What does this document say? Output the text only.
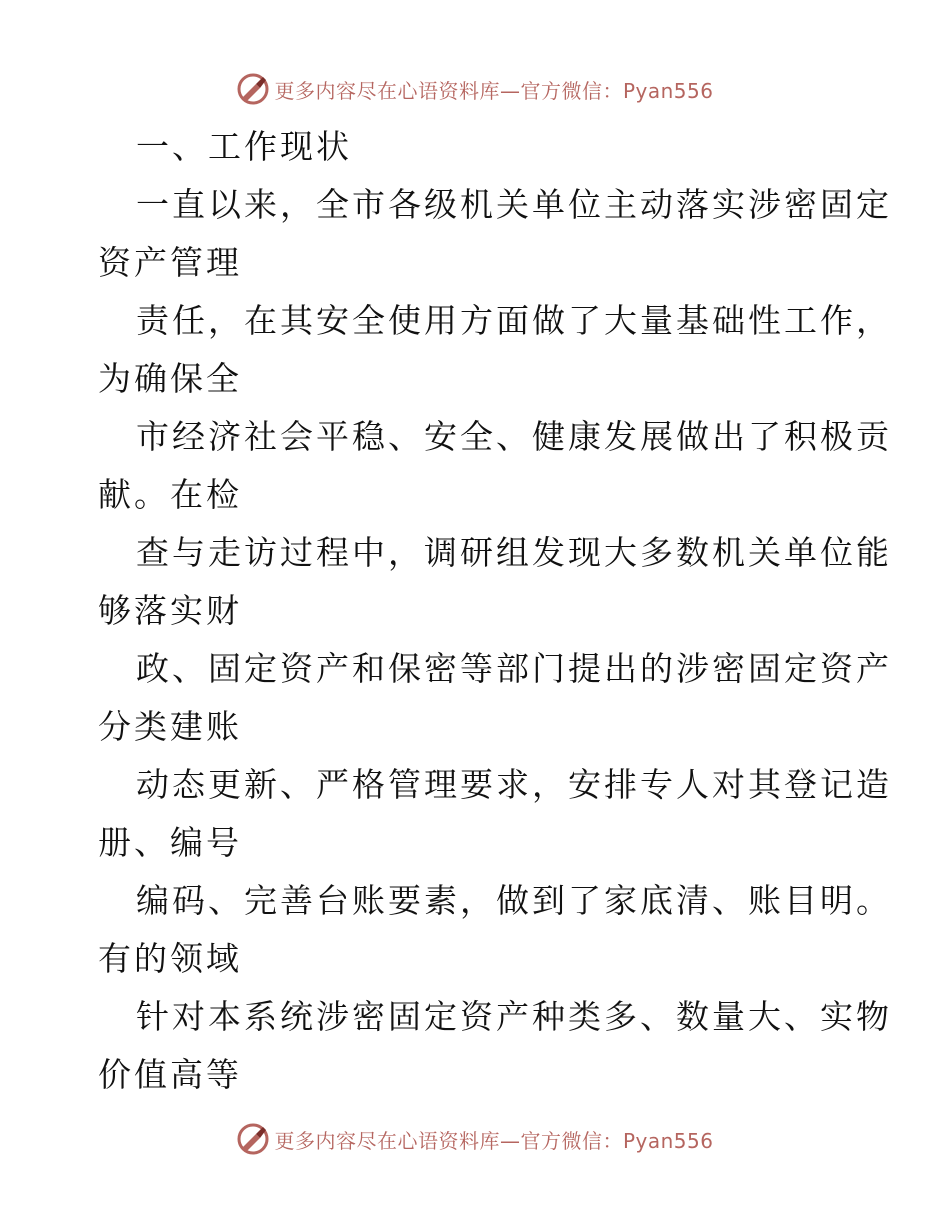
更多内容尽在心语资料库—官方微信：Pyan556
一、工作现状
一直以来，全市各级机关单位主动落实涉密固定
资产管理
责任，在其安全使用方面做了大量基础性工作，
为确保全
市经济社会平稳、安全、健康发展做出了积极贡
献。在检
查与走访过程中，调研组发现大多数机关单位能
够落实财
政、固定资产和保密等部门提出的涉密固定资产
分类建账
动态更新、严格管理要求，安排专人对其登记造
册、编号
编码、完善台账要素，做到了家底清、账目明。
有的领域
针对本系统涉密固定资产种类多、数量大、实物
价值高等
更多内容尽在心语资料库—官方微信：Pyan556
